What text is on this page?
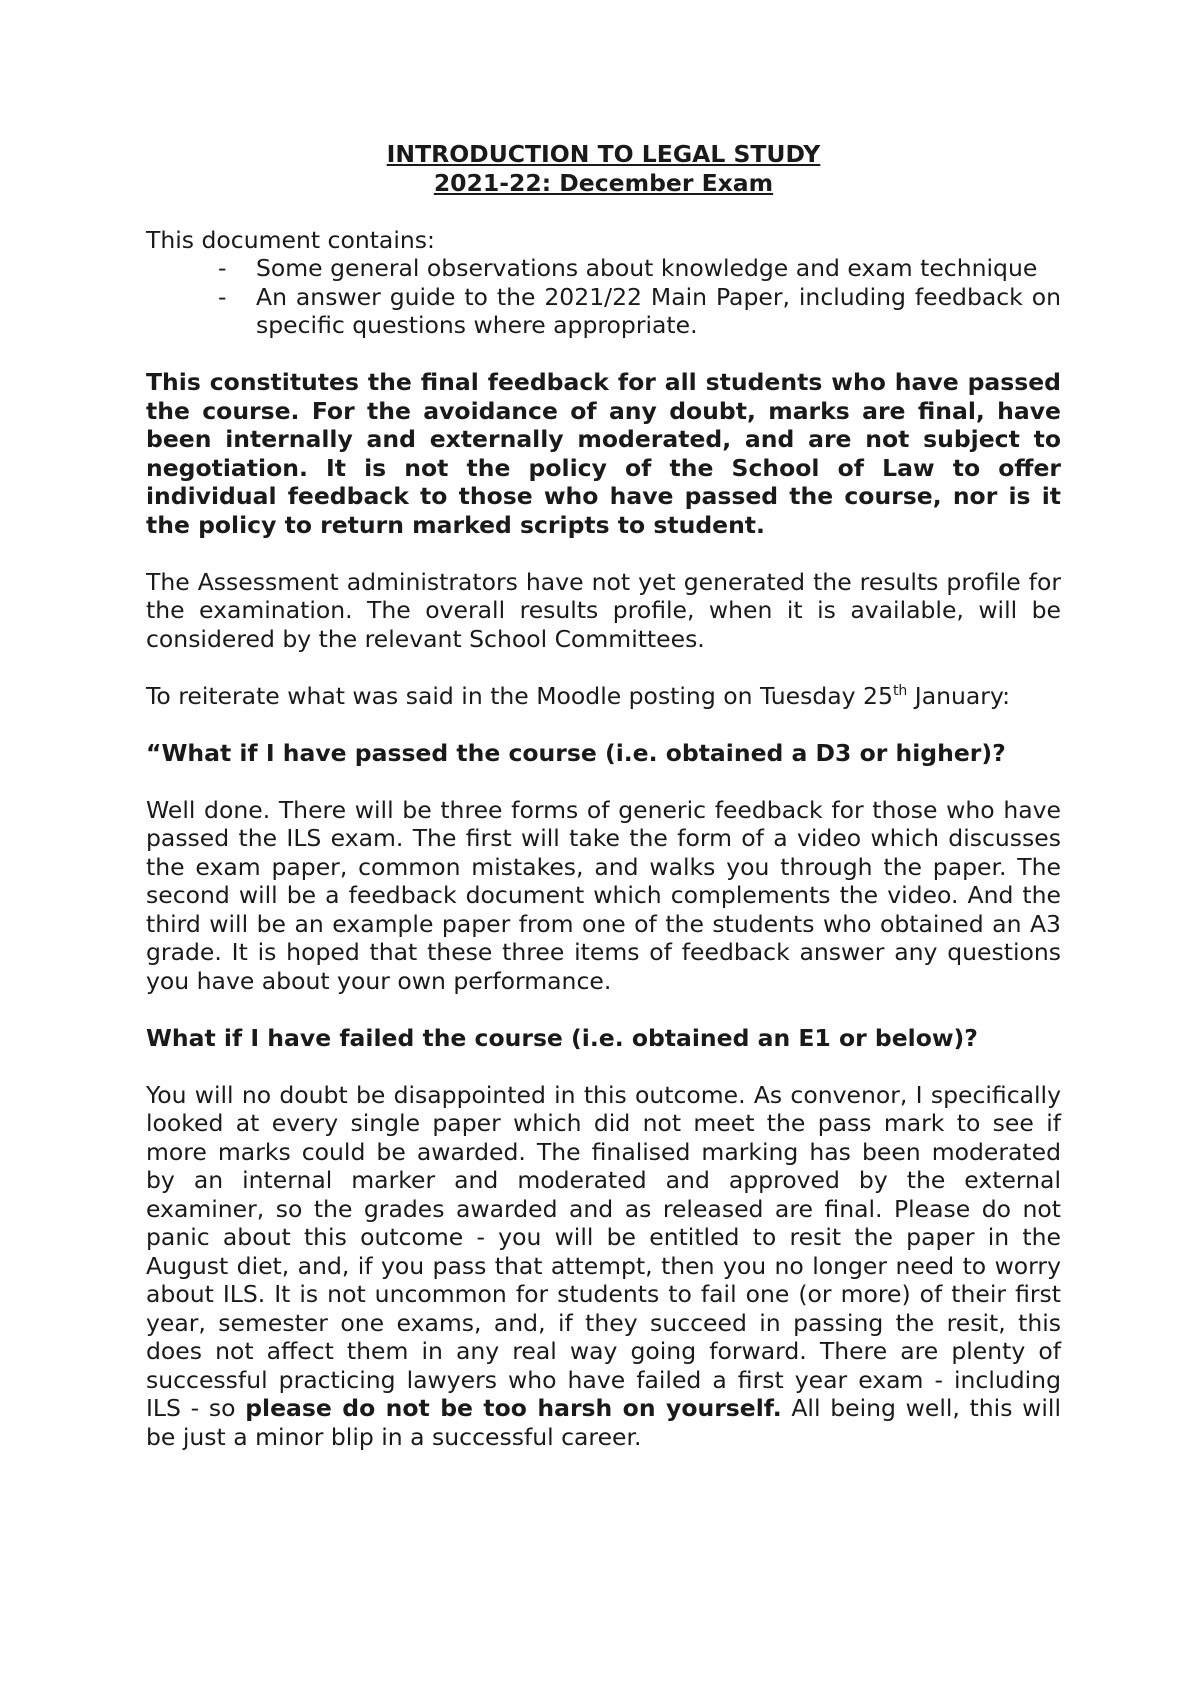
INTRODUCTION TO LEGAL STUDY
2021-22: December Exam

This document contains:

- Some general observations about knowledge and exam technique
- An answer guide to the 2021/22 Main Paper, including feedback on specific questions where appropriate.

This constitutes the final feedback for all students who have passed the course. For the avoidance of any doubt, marks are final, have been internally and externally moderated, and are not subject to negotiation. It is not the policy of the School of Law to offer individual feedback to those who have passed the course, nor is it the policy to return marked scripts to student.

The Assessment administrators have not yet generated the results profile for the examination. The overall results profile, when it is available, will be considered by the relevant School Committees.

To reiterate what was said in the Moodle posting on Tuesday 25th January:

“What if I have passed the course (i.e. obtained a D3 or higher)?

Well done. There will be three forms of generic feedback for those who have passed the ILS exam. The first will take the form of a video which discusses the exam paper, common mistakes, and walks you through the paper. The second will be a feedback document which complements the video. And the third will be an example paper from one of the students who obtained an A3 grade. It is hoped that these three items of feedback answer any questions you have about your own performance.

What if I have failed the course (i.e. obtained an E1 or below)?

You will no doubt be disappointed in this outcome. As convenor, I specifically looked at every single paper which did not meet the pass mark to see if more marks could be awarded. The finalised marking has been moderated by an internal marker and moderated and approved by the external examiner, so the grades awarded and as released are final. Please do not panic about this outcome - you will be entitled to resit the paper in the August diet, and, if you pass that attempt, then you no longer need to worry about ILS. It is not uncommon for students to fail one (or more) of their first year, semester one exams, and, if they succeed in passing the resit, this does not affect them in any real way going forward. There are plenty of successful practicing lawyers who have failed a first year exam - including ILS - so please do not be too harsh on yourself. All being well, this will be just a minor blip in a successful career.
